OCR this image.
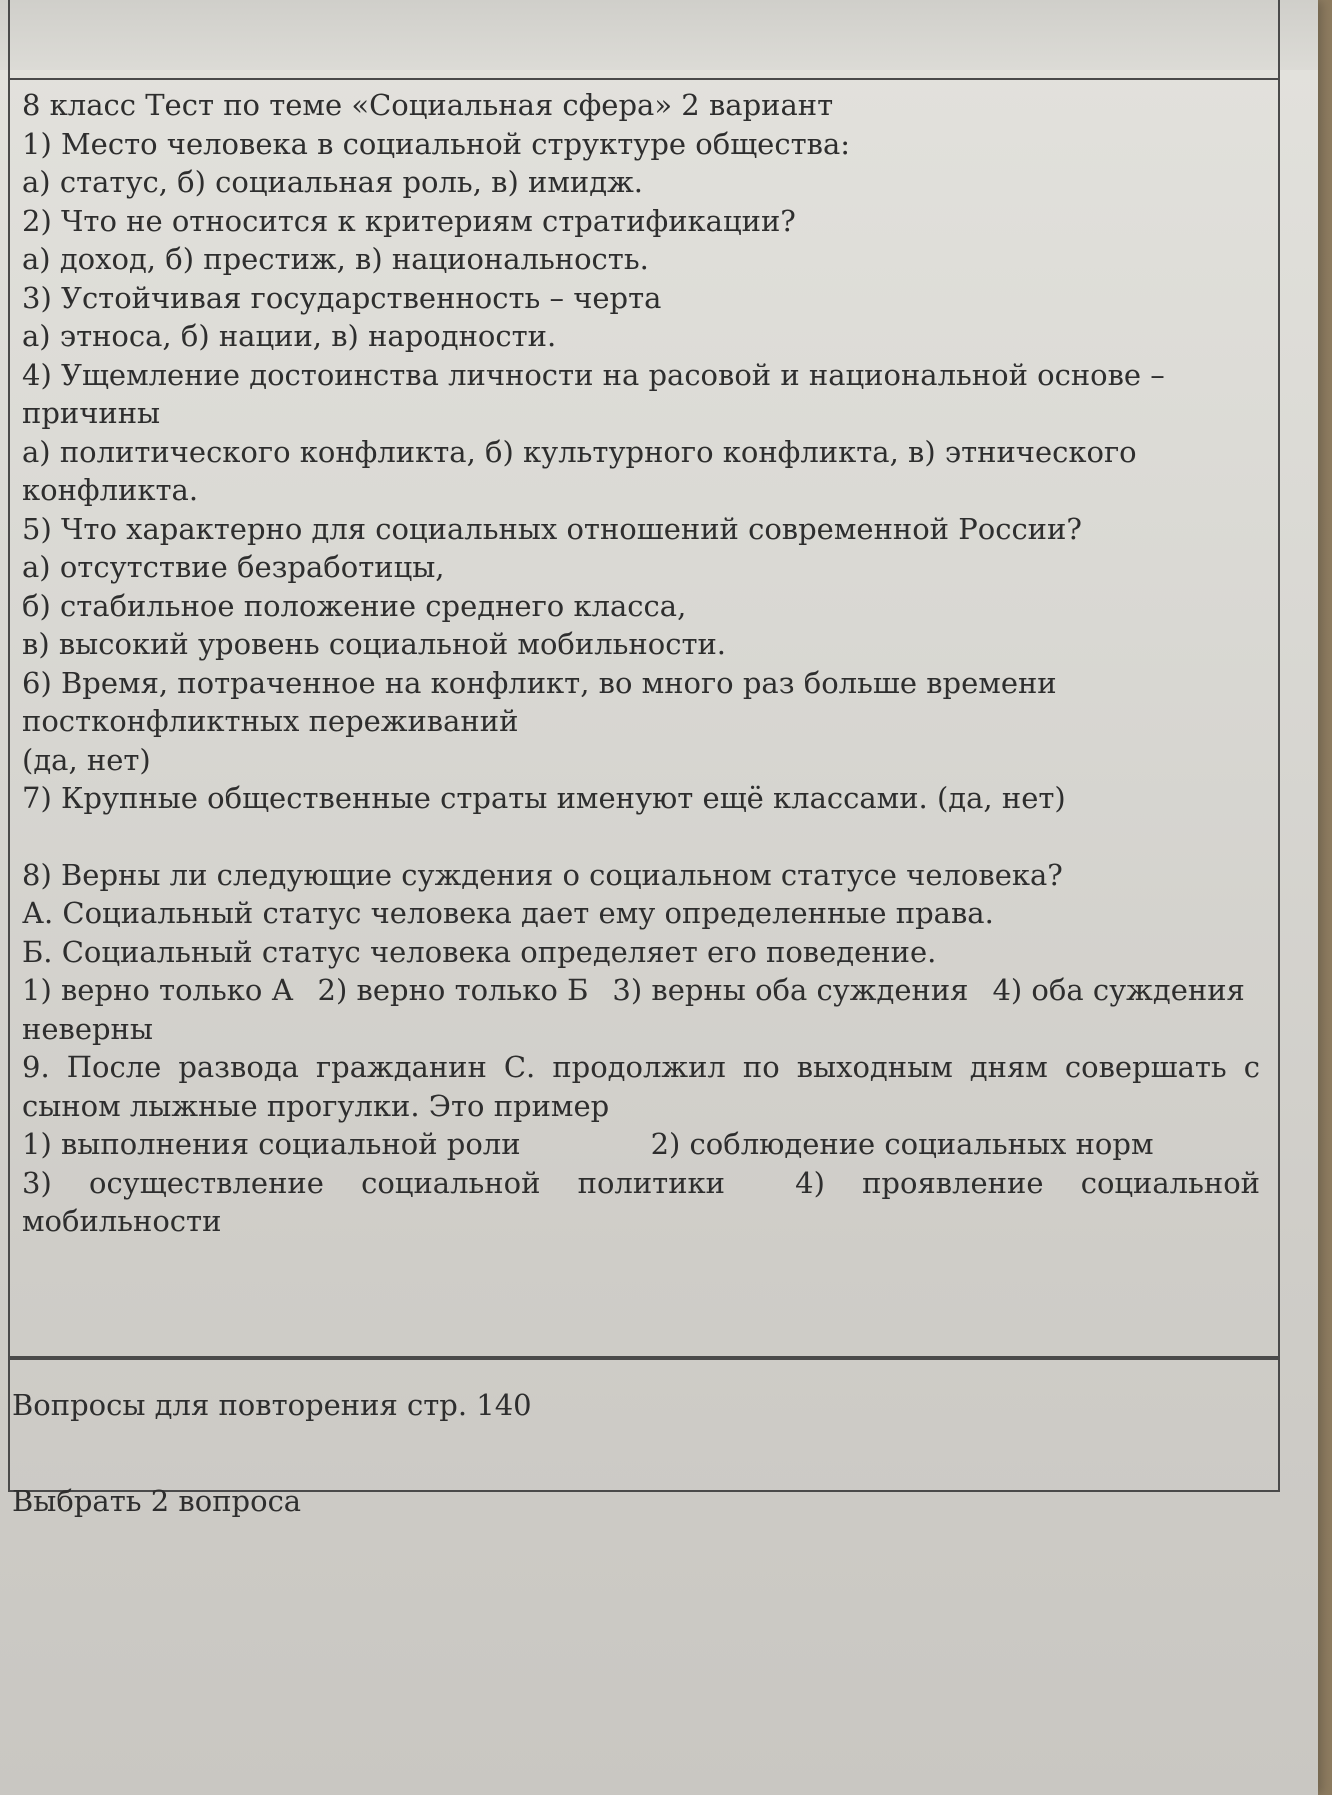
8 класс Тест по теме «Социальная сфера» 2 вариант

1) Место человека в социальной структуре общества:

а) статус, б) социальная роль, в) имидж.

2) Что не относится к критериям стратификации?

а) доход, б) престиж, в) национальность.

3) Устойчивая государственность – черта

а) этноса, б) нации, в) народности.

4) Ущемление достоинства личности на расовой и национальной основе –

причины

а) политического конфликта, б) культурного конфликта, в) этнического

конфликта.

5) Что характерно для социальных отношений современной России?

а) отсутствие безработицы,

б) стабильное положение среднего класса,

в) высокий уровень социальной мобильности.

6) Время, потраченное на конфликт, во много раз больше времени

постконфликтных переживаний

(да, нет)

7) Крупные общественные страты именуют ещё классами. (да, нет)

8) Верны ли следующие суждения о социальном статусе человека?

А. Социальный статус человека дает ему определенные права.

Б. Социальный статус человека определяет его поведение.

1) верно только А 2) верно только Б 3) верны оба суждения 4) оба суждения

неверны

9. После развода гражданин С. продолжил по выходным дням совершать с сыном лыжные прогулки. Это пример

1) выполнения социальной роли	2) соблюдение социальных норм
3) осуществление социальной политики 4) проявление социальной

мобильности

Вопросы для повторения стр. 140
Выбрать 2 вопроса
